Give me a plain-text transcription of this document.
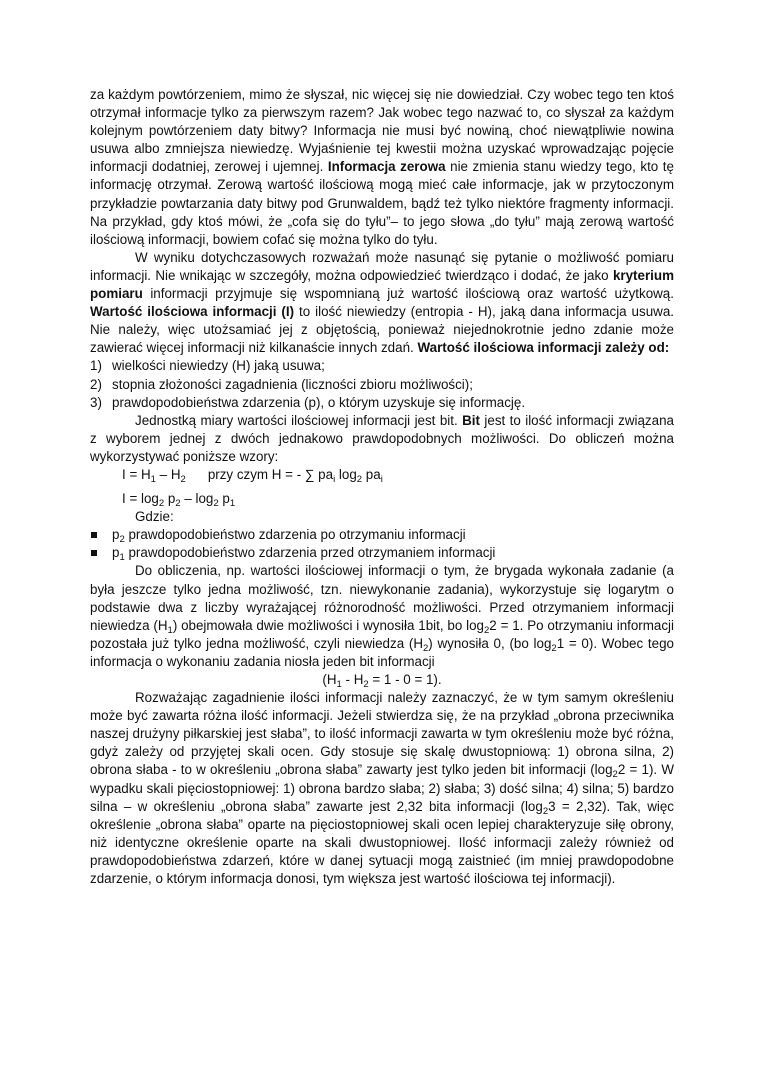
za każdym powtórzeniem, mimo że słyszał, nic więcej się nie dowiedział. Czy wobec tego ten ktoś otrzymał informacje tylko za pierwszym razem? Jak wobec tego nazwać to, co słyszał za każdym kolejnym powtórzeniem daty bitwy? Informacja nie musi być nowiną, choć niewątpliwie nowina usuwa albo zmniejsza niewiedzę. Wyjaśnienie tej kwestii można uzyskać wprowadzając pojęcie informacji dodatniej, zerowej i ujemnej. Informacja zerowa nie zmienia stanu wiedzy tego, kto tę informację otrzymał. Zerową wartość ilościową mogą mieć całe informacje, jak w przytoczonym przykładzie powtarzania daty bitwy pod Grunwaldem, bądź też tylko niektóre fragmenty informacji. Na przykład, gdy ktoś mówi, że „cofa się do tyłu”– to jego słowa „do tyłu” mają zerową wartość ilościową informacji, bowiem cofać się można tylko do tyłu.

W wyniku dotychczasowych rozważań może nasunąć się pytanie o możliwość pomiaru informacji. Nie wnikając w szczegóły, można odpowiedzieć twierdząco i dodać, że jako kryterium pomiaru informacji przyjmuje się wspomnianą już wartość ilościową oraz wartość użytkową. Wartość ilościowa informacji (I) to ilość niewiedzy (entropia - H), jaką dana informacja usuwa. Nie należy, więc utożsamiać jej z objętością, ponieważ niejednokrotnie jedno zdanie może zawierać więcej informacji niż kilkanaście innych zdań. Wartość ilościowa informacji zależy od:

1) wielkości niewiedzy (H) jaką usuwa;
2) stopnia złożoności zagadnienia (liczności zbioru możliwości);
3) prawdopodobieństwa zdarzenia (p), o którym uzyskuje się informację.

Jednostką miary wartości ilościowej informacji jest bit. Bit jest to ilość informacji związana z wyborem jednej z dwóch jednakowo prawdopodobnych możliwości. Do obliczeń można wykorzystywać poniższe wzory:

$I = H_1 - H_2$ przy czym H = - ∑ $pa_i$ $\log_2 pa_i$

$I = \log_2 p_2 - \log_2 p_1$

Gdzie:

$p_2$ prawdopodobieństwo zdarzenia po otrzymaniu informacji
$p_1$ prawdopodobieństwo zdarzenia przed otrzymaniem informacji

Do obliczenia, np. wartości ilościowej informacji o tym, że brygada wykonała zadanie (a była jeszcze tylko jedna możliwość, tzn. niewykonanie zadania), wykorzystuje się logarytm o podstawie dwa z liczby wyrażającej różnorodność możliwości. Przed otrzymaniem informacji niewiedza $(H_1)$ obejmowała dwie możliwości i wynosiła 1bit, bo $\log_22 = 1$. Po otrzymaniu informacji pozostała już tylko jedna możliwość, czyli niewiedza $(H_2)$ wynosiła 0, (bo $\log_21 = 0$). Wobec tego informacja o wykonaniu zadania niosła jeden bit informacji

$(H_1 - H_2 = 1 - 0 = 1)$.

Rozważając zagadnienie ilości informacji należy zaznaczyć, że w tym samym określeniu może być zawarta różna ilość informacji. Jeżeli stwierdza się, że na przykład „obrona przeciwnika naszej drużyny piłkarskiej jest słaba”, to ilość informacji zawarta w tym określeniu może być różna, gdyż zależy od przyjętej skali ocen. Gdy stosuje się skalę dwustopniową: 1) obrona silna, 2) obrona słaba - to w określeniu „obrona słaba” zawarty jest tylko jeden bit informacji $(\log_22 = 1)$. W wypadku skali pięciostopniowej: 1) obrona bardzo słaba; 2) słaba; 3) dość silna; 4) silna; 5) bardzo silna – w określeniu „obrona słaba” zawarte jest 2,32 bita informacji $(\log_23 = 2,32)$. Tak, więc określenie „obrona słaba” oparte na pięciostopniowej skali ocen lepiej charakteryzuje siłę obrony, niż identyczne określenie oparte na skali dwustopniowej. Ilość informacji zależy również od prawdopodobieństwa zdarzeń, które w danej sytuacji mogą zaistnieć (im mniej prawdopodobne zdarzenie, o którym informacja donosi, tym większa jest wartość ilościowa tej informacji).
